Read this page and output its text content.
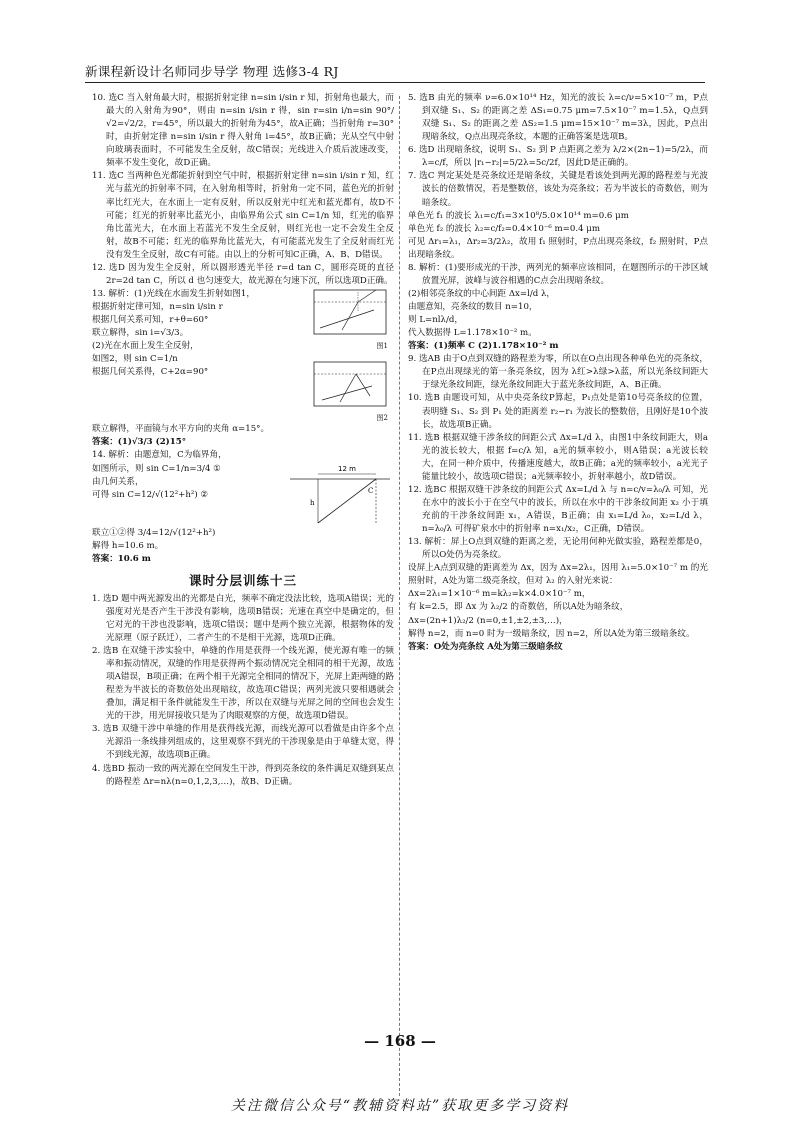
新课程新设计名师同步导学 物理 选修3-4 RJ

10. 选C 当入射角最大时，根据折射定律 n=sin i/sin r 知，折射角也最大，而最大的入射角为90°，则由 n=sin i/sin r 得，sin r=sin i/n=sin 90°/√2=√2/2，r=45°，所以最大的折射角为45°，故A正确；当折射角 r=30°时，由折射定律 n=sin i/sin r 得入射角 i=45°，故B正确；光从空气中射向玻璃表面时，不可能发生全反射，故C错误；光线进入介质后波速改变，频率不发生变化，故D正确。

11. 选C 当两种色光都能折射到空气中时，根据折射定律 n=sin i/sin r 知，红光与蓝光的折射率不同，在入射角相等时，折射角一定不同，蓝色光的折射率比红光大，在水面上一定有反射，所以反射光中红光和蓝光都有，故D不可能；红光的折射率比蓝光小，由临界角公式 sin C=1/n 知，红光的临界角比蓝光大，在水面上若蓝光不发生全反射，则红光也一定不会发生全反射，故B不可能；红光的临界角比蓝光大，有可能蓝光发生了全反射而红光没有发生全反射，故C有可能。由以上的分析可知C正确，A、B、D错误。

12. 选D 因为发生全反射，所以圆形透光半径 r=d tan C，圆形亮斑的直径 2r=2d tan C，所以 d 也匀速变大，故光源在匀速下沉，所以选项D正确。

13. 解析：(1)光线在水面发生折射如图1，

根据折射定律可知，n=sin i/sin r

根据几何关系可知，r+θ=60°

联立解得，sin i=√3/3。

(2)光在水面上发生全反射，

如图2，则 sin C=1/n

根据几何关系得，C+2α=90°

图1
图2

联立解得，平面镜与水平方向的夹角 α=15°。

答案：(1)√3/3 (2)15°

14. 解析：由题意知，C为临界角，

如图所示，则 sin C=1/n=3/4 ①

由几何关系，

可得 sin C=12/√(12²+h²) ②

12 m
h
C

联立①②得 3/4=12/√(12²+h²)

解得 h=10.6 m。

答案：10.6 m

课时分层训练十三

1. 选D 题中两光源发出的光都是白光，频率不确定没法比较，选项A错误；光的强度对光是否产生干涉没有影响，选项B错误；光速在真空中是确定的，但它对光的干涉也没影响，选项C错误；题中是两个独立光源，根据物体的发光原理（原子跃迁），二者产生的不是相干光源，选项D正确。

2. 选B 在双缝干涉实验中，单缝的作用是获得一个线光源，使光源有唯一的频率和振动情况，双缝的作用是获得两个振动情况完全相同的相干光源，故选项A错误，B项正确；在两个相干光源完全相同的情况下，光屏上距两缝的路程差为半波长的奇数倍处出现暗纹，故选项C错误；两列光波只要相遇就会叠加，满足相干条件就能发生干涉，所以在双缝与光屏之间的空间也会发生光的干涉，用光屏接收只是为了肉眼观察的方便，故选项D错误。

3. 选B 双缝干涉中单缝的作用是获得线光源，而线光源可以看做是由许多个点光源沿一条线排列组成的，这里观察不到光的干涉现象是由于单缝太宽，得不到线光源，故选项B正确。

4. 选BD 振动一致的两光源在空间发生干涉，得到亮条纹的条件满足双缝到某点的路程差 Δr=nλ(n=0,1,2,3,…)，故B、D正确。

5. 选B 由光的频率 ν=6.0×10¹⁴ Hz，知光的波长 λ=c/ν=5×10⁻⁷ m，P点到双缝 S₁、S₂ 的距离之差 ΔS₁=0.75 μm=7.5×10⁻⁷ m=1.5λ，Q点到双缝 S₁、S₂ 的距离之差 ΔS₂=1.5 μm=15×10⁻⁷ m=3λ，因此，P点出现暗条纹，Q点出现亮条纹，本题的正确答案是选项B。

6. 选D 出现暗条纹，说明 S₁、S₂ 到 P 点距离之差为 λ/2×(2n−1)=5/2λ，而 λ=c/f，所以 |r₁−r₂|=5/2λ=5c/2f，因此D是正确的。

7. 选C 判定某处是亮条纹还是暗条纹，关键是看该处到两光源的路程差与光波波长的倍数情况，若是整数倍，该处为亮条纹；若为半波长的奇数倍，则为暗条纹。

单色光 f₁ 的波长 λ₁=c/f₁=3×10⁸/5.0×10¹⁴ m=0.6 μm

单色光 f₂ 的波长 λ₂=c/f₂=0.4×10⁻⁶ m=0.4 μm

可见 Δr₁=λ₁，Δr₂=3/2λ₂，故用 f₁ 照射时，P点出现亮条纹，f₂ 照射时，P点出现暗条纹。

8. 解析：(1)要形成光的干涉，两列光的频率应该相同，在题图所示的干涉区域放置光屏，波峰与波谷相遇的C点会出现暗条纹。

(2)相邻亮条纹的中心间距 Δx=l/d λ，

由题意知，亮条纹的数目 n=10，

则 L=nlλ/d，

代入数据得 L=1.178×10⁻² m。

答案：(1)频率 C (2)1.178×10⁻² m

9. 选AB 由于O点到双缝的路程差为零，所以在O点出现各种单色光的亮条纹，在P点出现绿光的第一条亮条纹，因为 λ红>λ绿>λ蓝，所以光条纹间距大于绿光条纹间距，绿光条纹间距大于蓝光条纹间距，A、B正确。

10. 选B 由题设可知，从中央亮条纹P算起，P₁点处是第10号亮条纹的位置，表明缝 S₁、S₂ 到 P₁ 处的距离差 r₂−r₁ 为波长的整数倍，且刚好是10个波长，故选项B正确。

11. 选B 根据双缝干涉条纹的间距公式 Δx=L/d λ，由图1中条纹间距大，则a光的波长较大，根据 f=c/λ 知，a光的频率较小，则A错误；a光波长较大，在同一种介质中，传播速度越大，故B正确；a光的频率较小，a光光子能量比较小，故选项C错误；a光频率较小，折射率越小，故D错误。

12. 选BC 根据双缝干涉条纹的间距公式 Δx=L/d λ 与 n=c/v=λ₀/λ 可知，光在水中的波长小于在空气中的波长，所以在水中的干涉条纹间距 x₂ 小于填充前的干涉条纹间距 x₁，A错误，B正确；由 x₁=L/d λ₀，x₂=L/d λ，n=λ₀/λ 可得矿泉水中的折射率 n=x₁/x₂，C正确，D错误。

13. 解析：屏上O点到双缝的距离之差，无论用何种光做实验，路程差都是0，所以O处仍为亮条纹。

设屏上A点到双缝的距离差为 Δx，因为 Δx=2λ₁，因用 λ₁=5.0×10⁻⁷ m 的光照射时，A处为第二级亮条纹，但对 λ₂ 的入射光来说：

Δx=2λ₁=1×10⁻⁶ m=kλ₂=k×4.0×10⁻⁷ m，

有 k=2.5，即 Δx 为 λ₂/2 的奇数倍，所以A处为暗条纹，

Δx=(2n+1)λ₂/2 (n=0,±1,±2,±3,…)，

解得 n=2，而 n=0 时为一级暗条纹，因 n=2，所以A处为第三级暗条纹。

答案：O处为亮条纹 A处为第三级暗条纹

— 168 —
关注微信公众号“教辅资料站”获取更多学习资料
